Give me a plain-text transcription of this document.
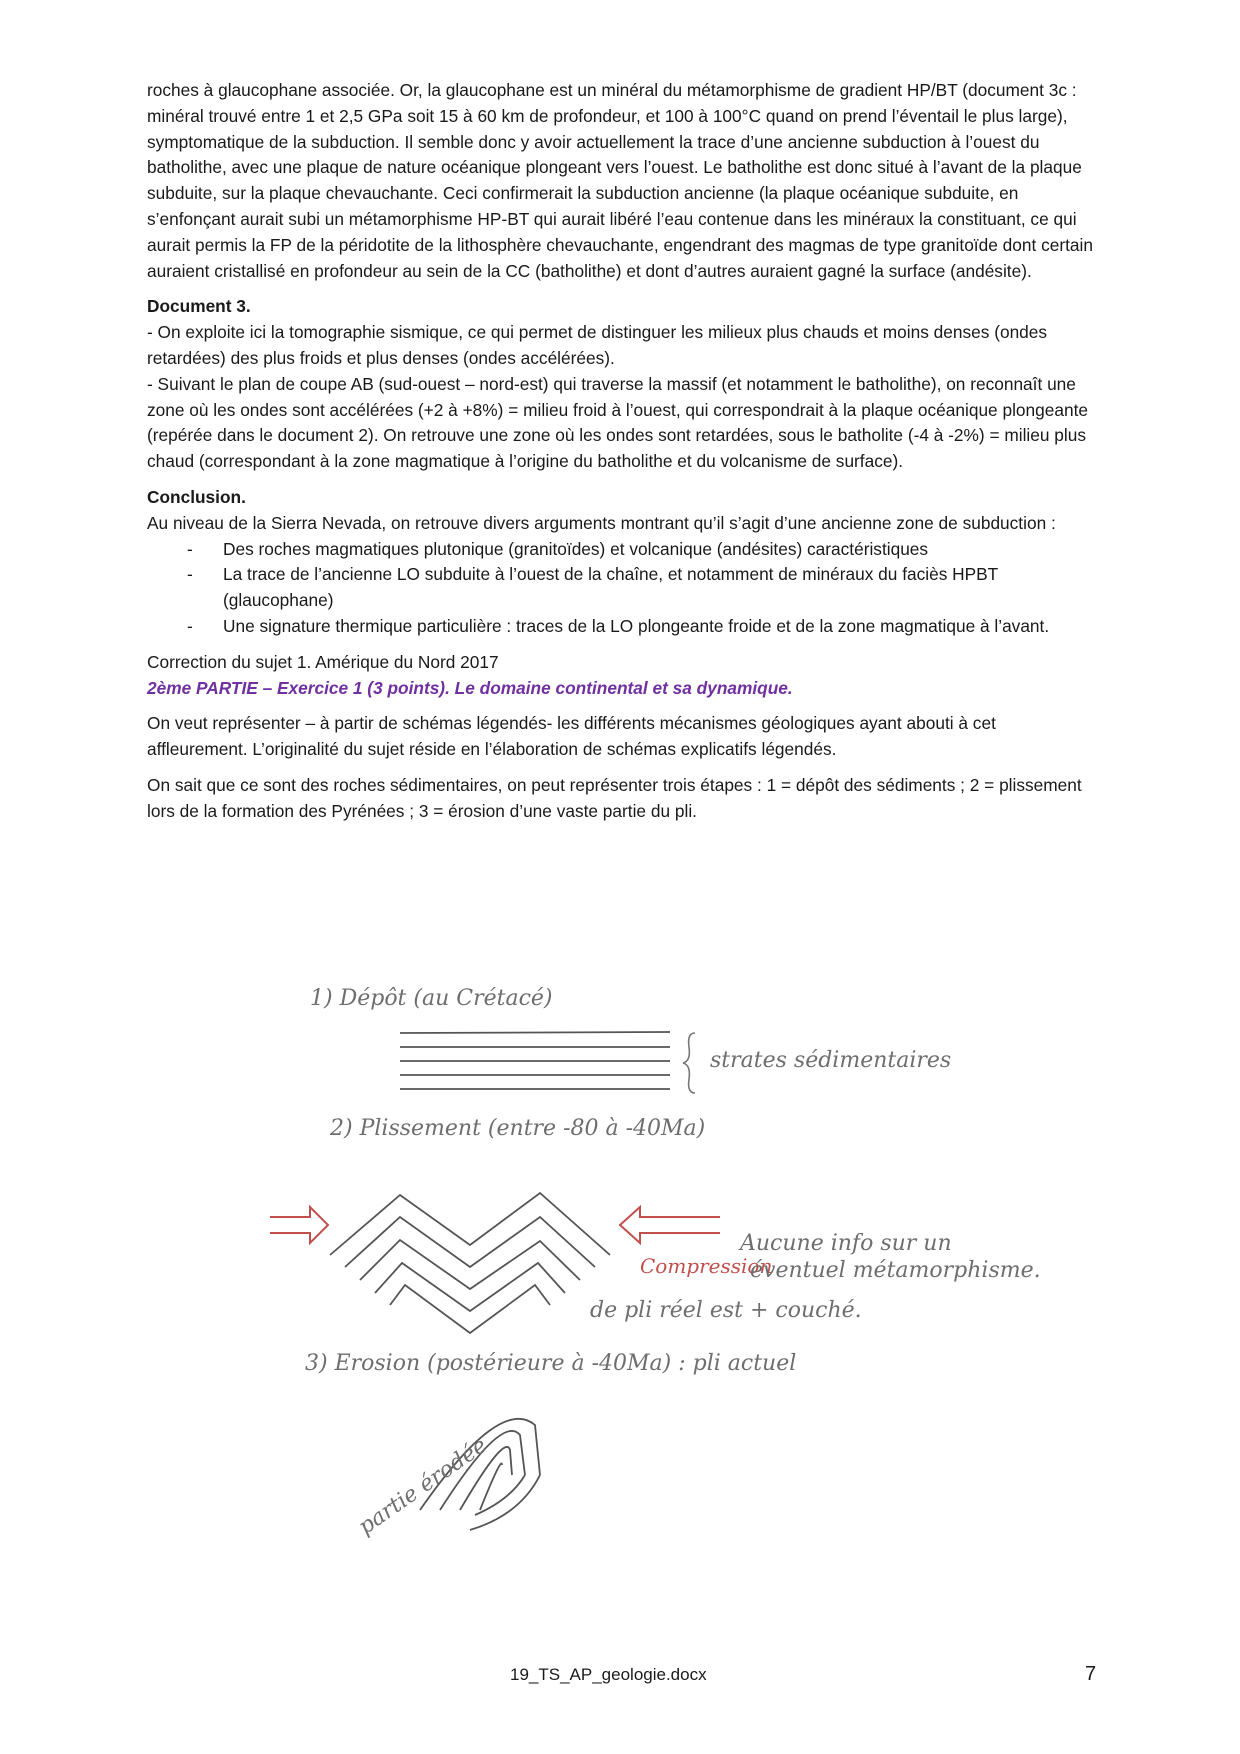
roches à glaucophane associée. Or, la glaucophane est un minéral du métamorphisme de gradient HP/BT (document 3c : minéral trouvé entre 1 et 2,5 GPa soit 15 à 60 km de profondeur, et 100 à 100°C quand on prend l’éventail le plus large), symptomatique de la subduction. Il semble donc y avoir actuellement la trace d’une ancienne subduction à l’ouest du batholithe, avec une plaque de nature océanique plongeant vers l’ouest. Le batholithe est donc situé à l’avant de la plaque subduite, sur la plaque chevauchante. Ceci confirmerait la subduction ancienne (la plaque océanique subduite, en s’enfonçant aurait subi un métamorphisme HP-BT qui aurait libéré l’eau contenue dans les minéraux la constituant, ce qui aurait permis la FP de la péridotite de la lithosphère chevauchante, engendrant des magmas de type granitoïde dont certain auraient cristallisé en profondeur au sein de la CC (batholithe) et dont d’autres auraient gagné la surface (andésite).

Document 3.
- On exploite ici la tomographie sismique, ce qui permet de distinguer les milieux plus chauds et moins denses (ondes retardées) des plus froids et plus denses (ondes accélérées).
- Suivant le plan de coupe AB (sud-ouest – nord-est) qui traverse la massif (et notamment le batholithe), on reconnaît une zone où les ondes sont accélérées (+2 à +8%) = milieu froid à l’ouest, qui correspondrait à la plaque océanique plongeante (repérée dans le document 2). On retrouve une zone où les ondes sont retardées, sous le batholite (-4 à -2%) = milieu plus chaud (correspondant à la zone magmatique à l’origine du batholithe et du volcanisme de surface).

Conclusion.
Au niveau de la Sierra Nevada, on retrouve divers arguments montrant qu’il s’agit d’une ancienne zone de subduction :
- Des roches magmatiques plutonique (granitoïdes) et volcanique (andésites) caractéristiques
- La trace de l’ancienne LO subduite à l’ouest de la chaîne, et notamment de minéraux du faciès HPBT (glaucophane)
- Une signature thermique particulière : traces de la LO plongeante froide et de la zone magmatique à l’avant.

Correction du sujet 1. Amérique du Nord 2017
2ème PARTIE – Exercice 1 (3 points). Le domaine continental et sa dynamique.

On veut représenter – à partir de schémas légendés- les différents mécanismes géologiques ayant abouti à cet affleurement. L’originalité du sujet réside en l’élaboration de schémas explicatifs légendés.

On sait que ce sont des roches sédimentaires, on peut représenter trois étapes : 1 = dépôt des sédiments ; 2 = plissement lors de la formation des Pyrénées ; 3 = érosion d’une vaste partie du pli.

1) Dépôt (au Crétacé)
strates sédimentaires
2) Plissement (entre -80 à -40Ma)
Compression
Aucune info sur un
éventuel métamorphisme.
de pli réel est + couché.
3) Erosion (postérieure à -40Ma) : pli actuel
partie érodée
19_TS_AP_geologie.docx	7
